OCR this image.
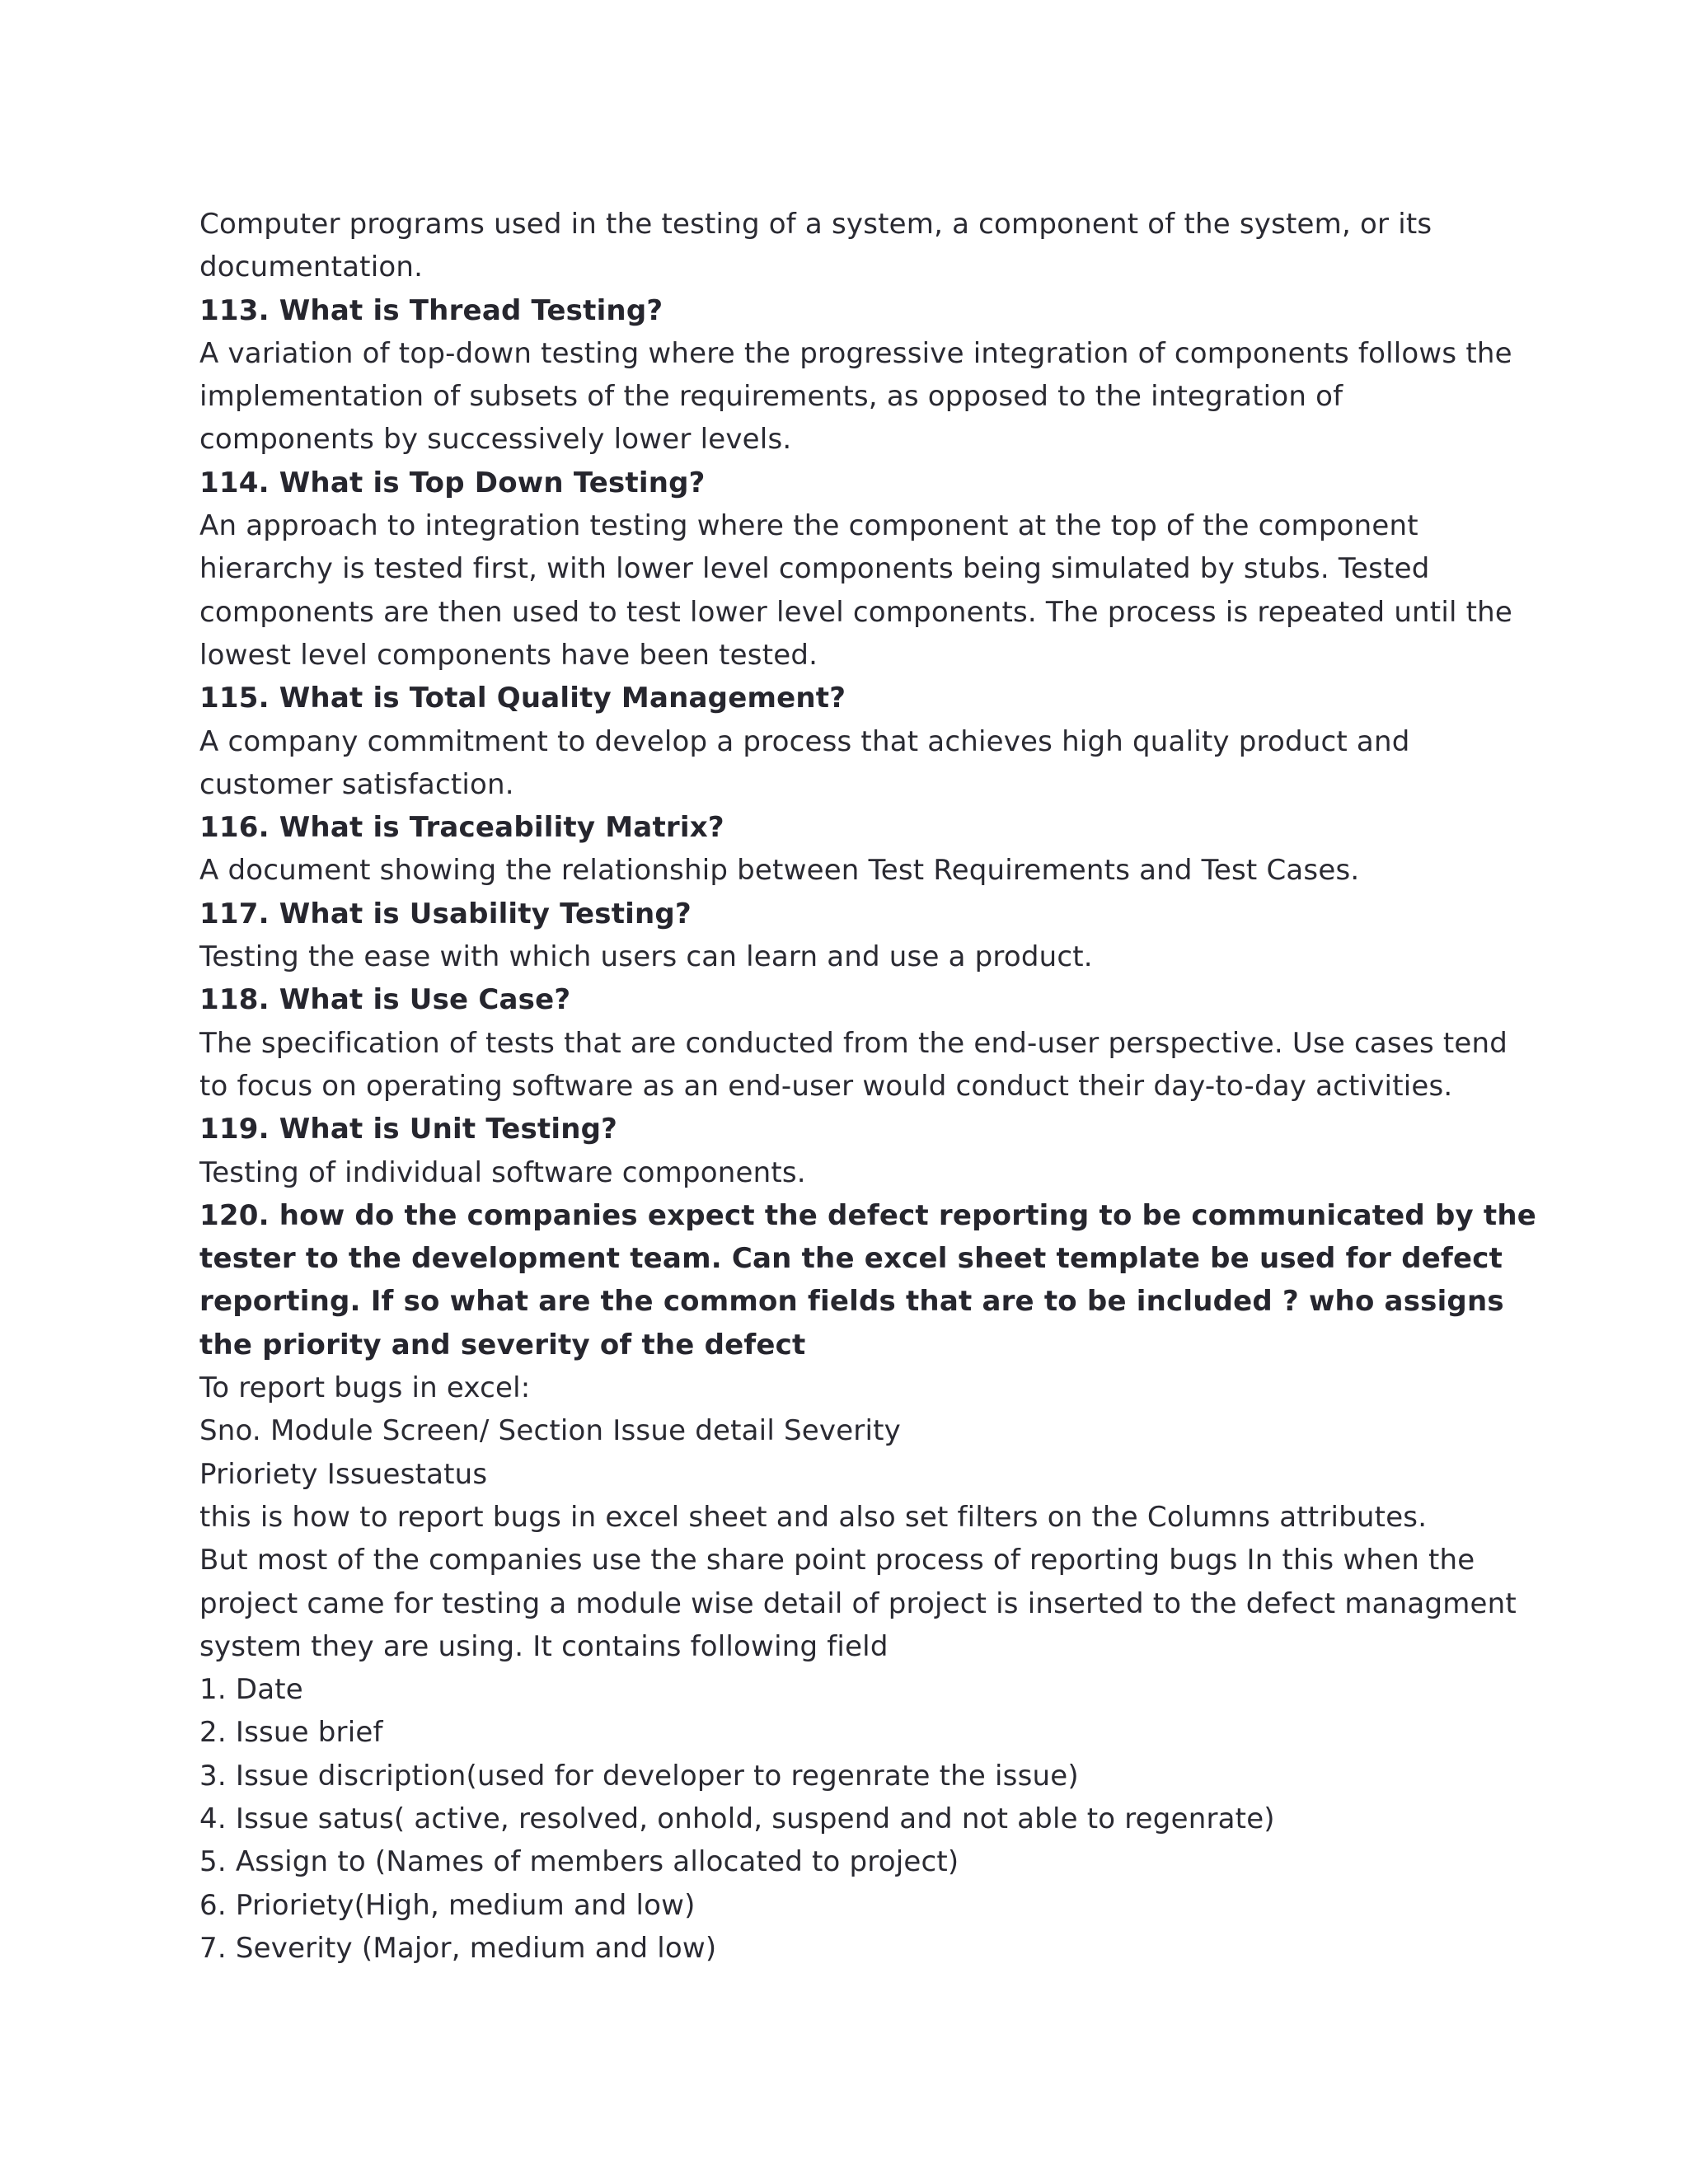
Computer programs used in the testing of a system, a component of the system, or its

documentation.

113. What is Thread Testing?

A variation of top-down testing where the progressive integration of components follows the

implementation of subsets of the requirements, as opposed to the integration of

components by successively lower levels.

114. What is Top Down Testing?

An approach to integration testing where the component at the top of the component

hierarchy is tested first, with lower level components being simulated by stubs. Tested

components are then used to test lower level components. The process is repeated until the

lowest level components have been tested.

115. What is Total Quality Management?

A company commitment to develop a process that achieves high quality product and

customer satisfaction.

116. What is Traceability Matrix?

A document showing the relationship between Test Requirements and Test Cases.

117. What is Usability Testing?

Testing the ease with which users can learn and use a product.

118. What is Use Case?

The specification of tests that are conducted from the end-user perspective. Use cases tend

to focus on operating software as an end-user would conduct their day-to-day activities.

119. What is Unit Testing?

Testing of individual software components.

120. how do the companies expect the defect reporting to be communicated by the

tester to the development team. Can the excel sheet template be used for defect

reporting. If so what are the common fields that are to be included ? who assigns

the priority and severity of the defect

To report bugs in excel:

Sno. Module Screen/ Section Issue detail Severity

Prioriety Issuestatus

this is how to report bugs in excel sheet and also set filters on the Columns attributes.

But most of the companies use the share point process of reporting bugs In this when the

project came for testing a module wise detail of project is inserted to the defect managment

system they are using. It contains following field

1. Date

2. Issue brief

3. Issue discription(used for developer to regenrate the issue)

4. Issue satus( active, resolved, onhold, suspend and not able to regenrate)

5. Assign to (Names of members allocated to project)

6. Prioriety(High, medium and low)

7. Severity (Major, medium and low)
